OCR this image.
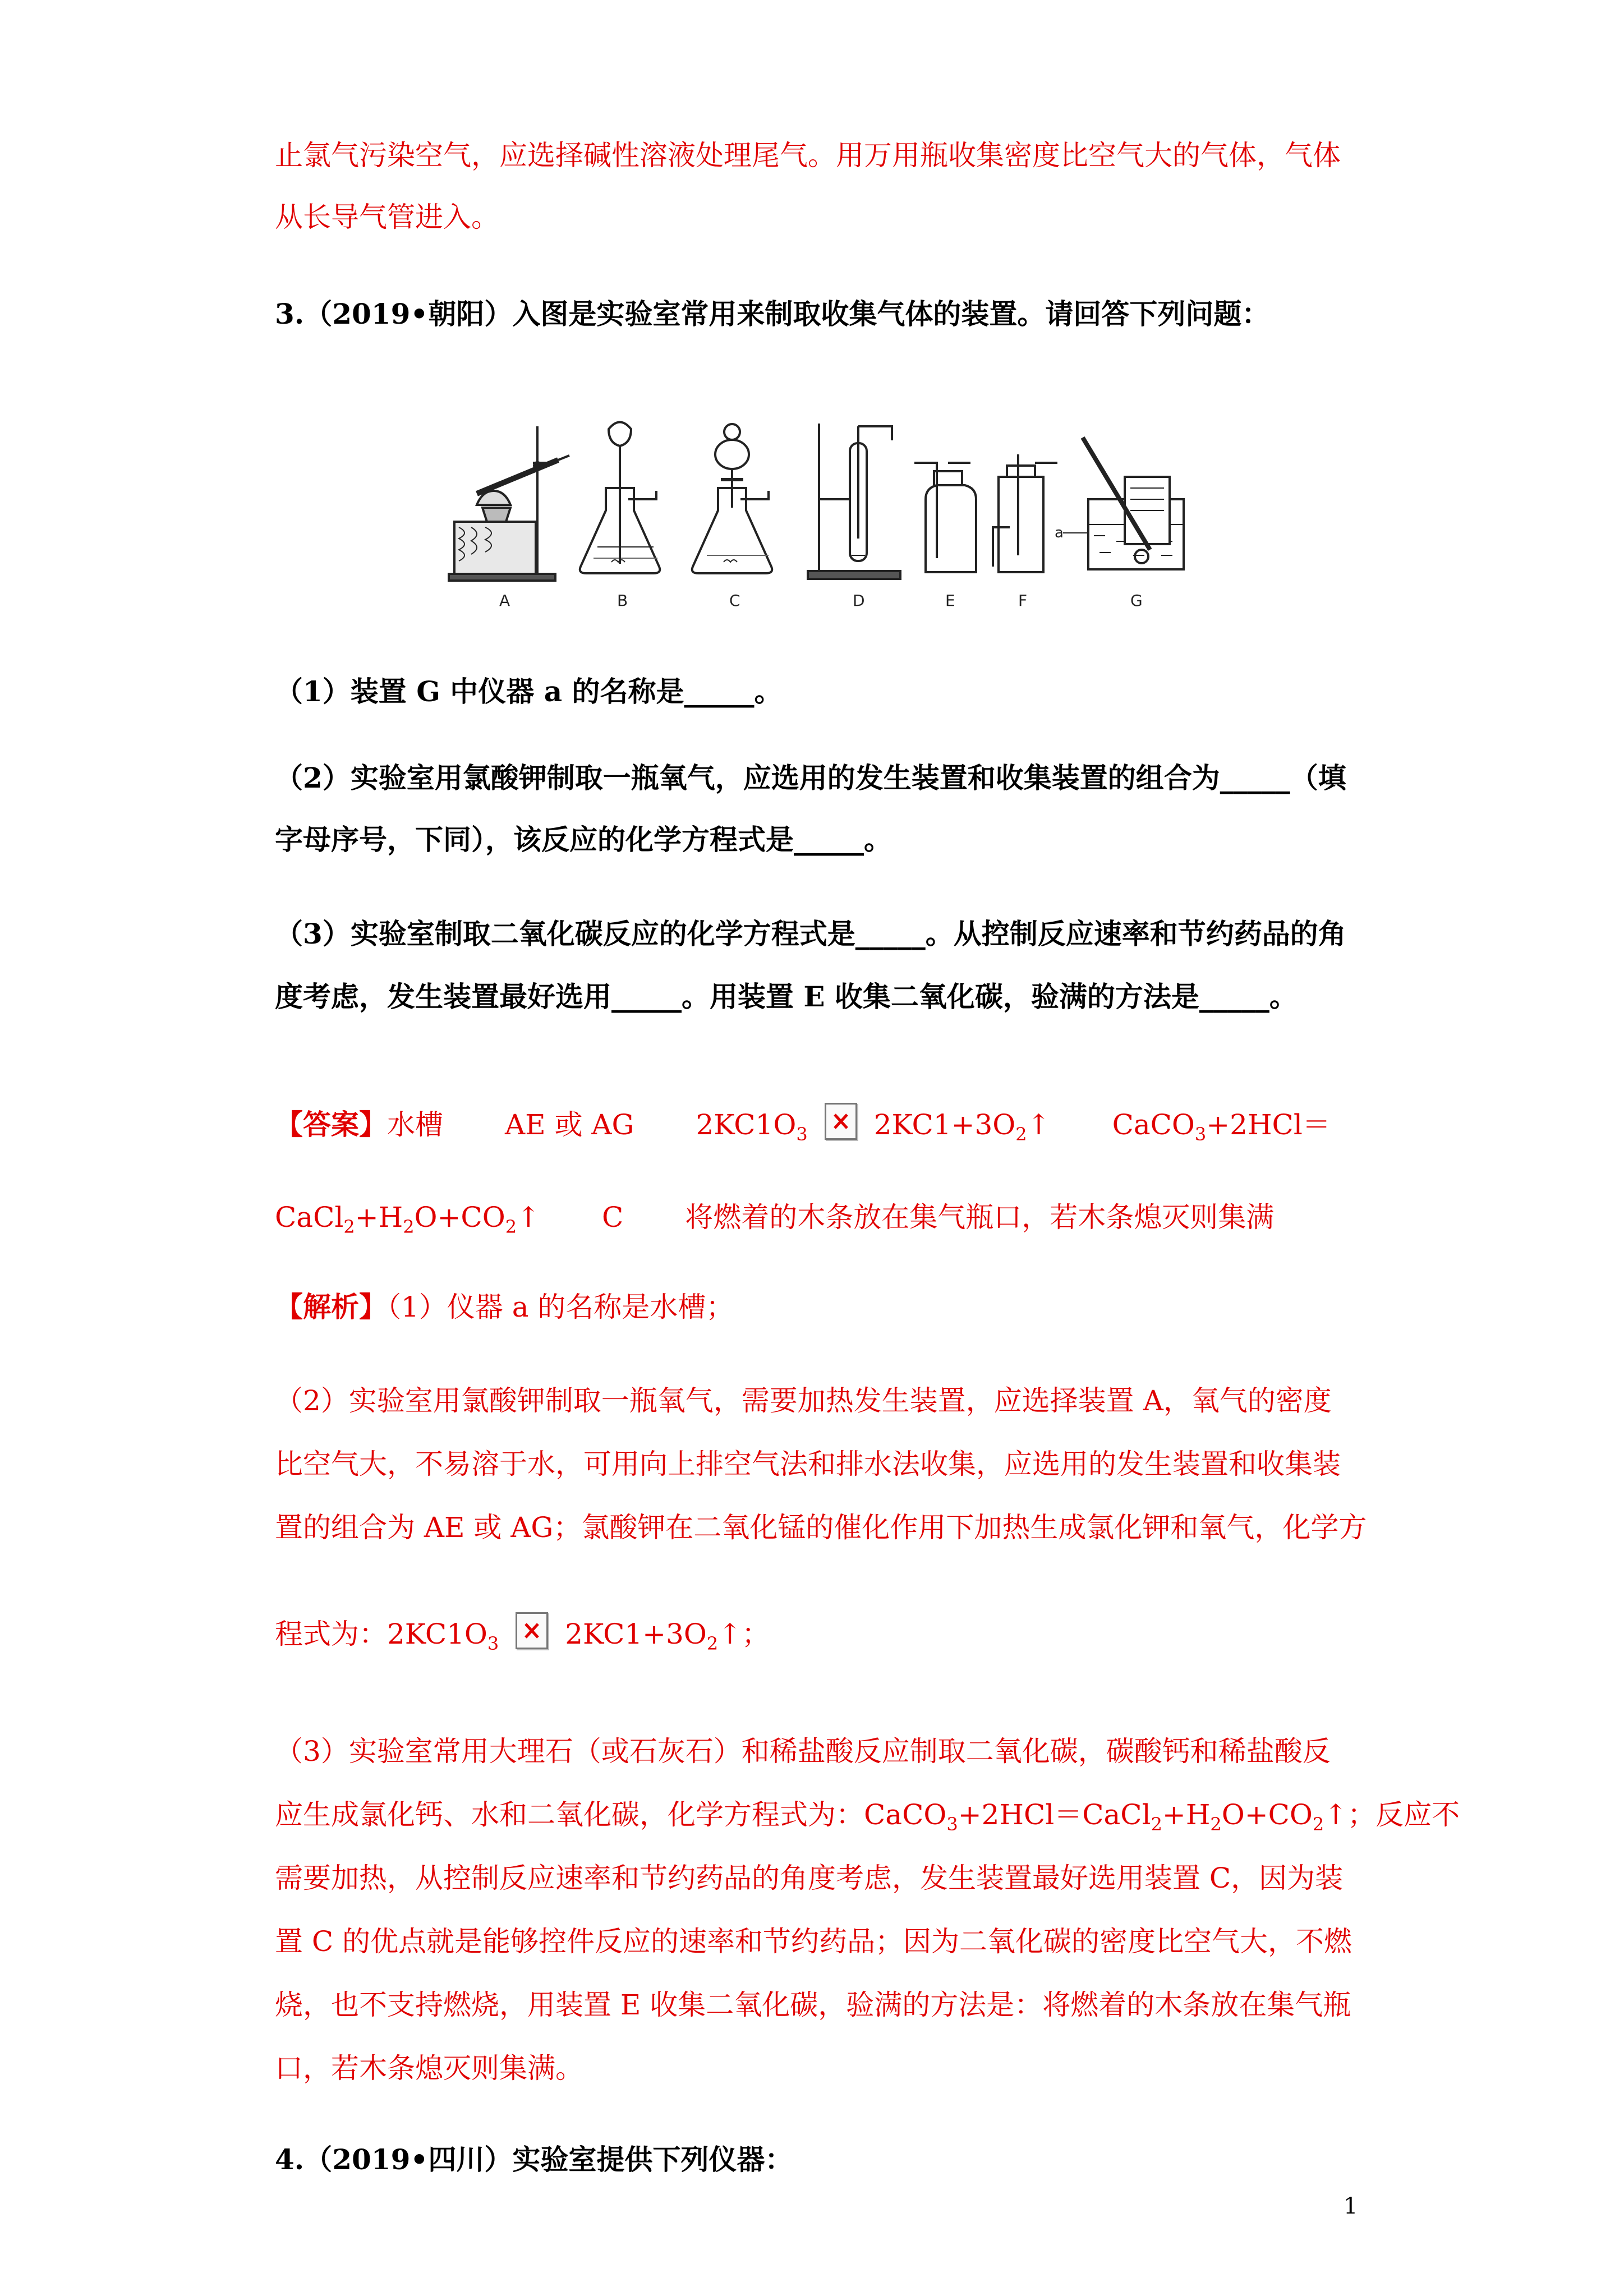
止氯气污染空气，应选择碱性溶液处理尾气。用万用瓶收集密度比空气大的气体，气体
从长导气管进入。
3.（2019•朝阳）入图是实验室常用来制取收集气体的装置。请回答下列问题：
a
A	B	C	D	E	F	G
（1）装置 G 中仪器 a 的名称是_____。
（2）实验室用氯酸钾制取一瓶氧气，应选用的发生装置和收集装置的组合为_____（填
字母序号，下同），该反应的化学方程式是_____。
（3）实验室制取二氧化碳反应的化学方程式是_____。从控制反应速率和节约药品的角
度考虑，发生装置最好选用_____。用装置 E 收集二氧化碳，验满的方法是_____。
【答案】水槽 AE 或 AG $2KC1O_3$ $2KC1+3O_2↑$ CaCO$_3$+2HCl＝
$CaCl_2+H_2O+CO_2↑$ C 将燃着的木条放在集气瓶口，若木条熄灭则集满
【解析】（1）仪器 a 的名称是水槽；
（2）实验室用氯酸钾制取一瓶氧气，需要加热发生装置，应选择装置 A，氧气的密度
比空气大，不易溶于水，可用向上排空气法和排水法收集，应选用的发生装置和收集装
置的组合为 AE 或 AG；氯酸钾在二氧化锰的催化作用下加热生成氯化钾和氧气，化学方
程式为：$2KC1O_3$ $2KC1+3O_2↑$；
（3）实验室常用大理石（或石灰石）和稀盐酸反应制取二氧化碳，碳酸钙和稀盐酸反
应生成氯化钙、水和二氧化碳，化学方程式为：$CaCO_3+2HCl=CaCl_2+H_2O+CO_2↑$；反应不
需要加热，从控制反应速率和节约药品的角度考虑，发生装置最好选用装置 C，因为装
置 C 的优点就是能够控件反应的速率和节约药品；因为二氧化碳的密度比空气大，不燃
烧，也不支持燃烧，用装置 E 收集二氧化碳，验满的方法是：将燃着的木条放在集气瓶
口，若木条熄灭则集满。
4.（2019•四川）实验室提供下列仪器：
1
